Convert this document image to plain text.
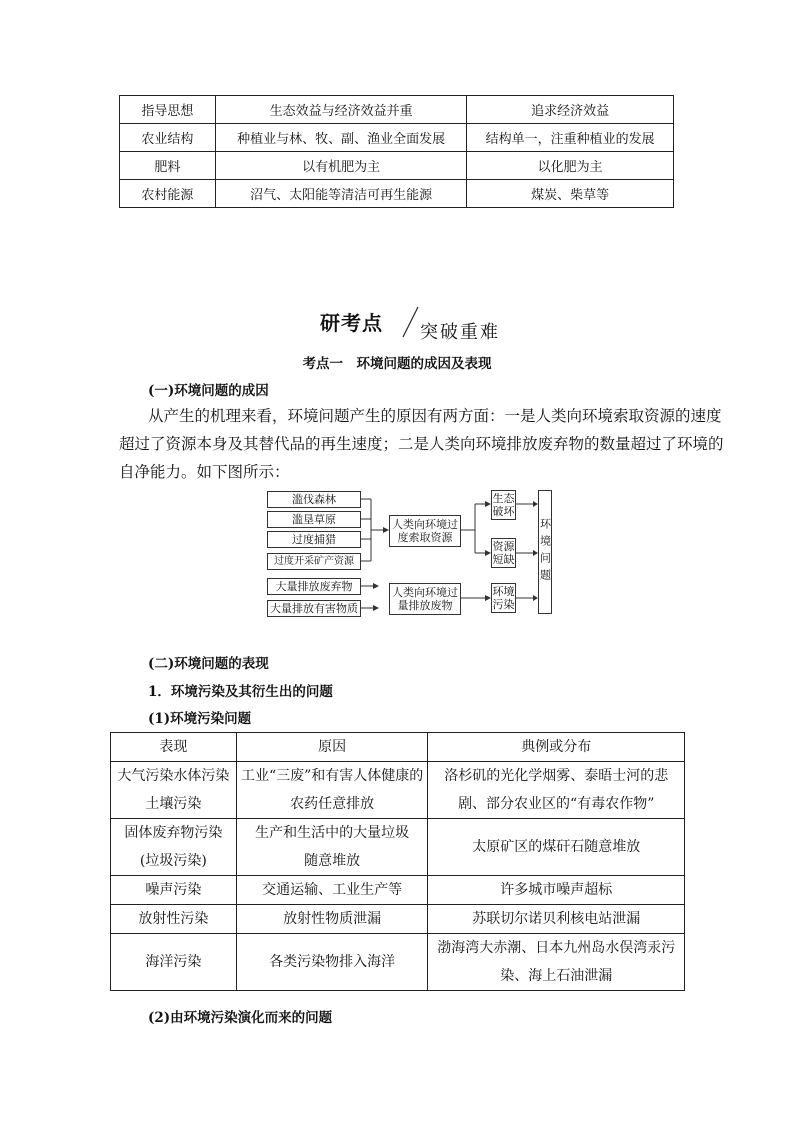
指导思想	生态效益与经济效益并重	追求经济效益
农业结构	种植业与林、牧、副、渔业全面发展	结构单一，注重种植业的发展
肥料	以有机肥为主	以化肥为主
农村能源	沼气、太阳能等清洁可再生能源	煤炭、柴草等
研考点 突破重难
考点一　环境问题的成因及表现
(一)环境问题的成因
从产生的机理来看，环境问题产生的原因有两方面：一是人类向环境索取资源的速度
超过了资源本身及其替代品的再生速度；二是人类向环境排放废弃物的数量超过了环境的
自净能力。如下图所示：
滥伐森林
滥垦草原
过度捕猎
过度开采矿产资源
大量排放废弃物
大量排放有害物质
人类向环境过度索取资源
人类向环境过量排放废物
生态破坏
资源短缺
环境污染
环境问题
(二)环境问题的表现
1．环境污染及其衍生出的问题
(1)环境污染问题
表现	原因	典例或分布
大气污染水体污染土壤污染	工业“三废”和有害人体健康的农药任意排放	洛杉矶的光化学烟雾、泰晤士河的悲剧、部分农业区的“有毒农作物”
固体废弃物污染(垃圾污染)	生产和生活中的大量垃圾随意堆放	太原矿区的煤矸石随意堆放
噪声污染	交通运输、工业生产等	许多城市噪声超标
放射性污染	放射性物质泄漏	苏联切尔诺贝利核电站泄漏
海洋污染	各类污染物排入海洋	渤海湾大赤潮、日本九州岛水俣湾汞污染、海上石油泄漏
(2)由环境污染演化而来的问题
